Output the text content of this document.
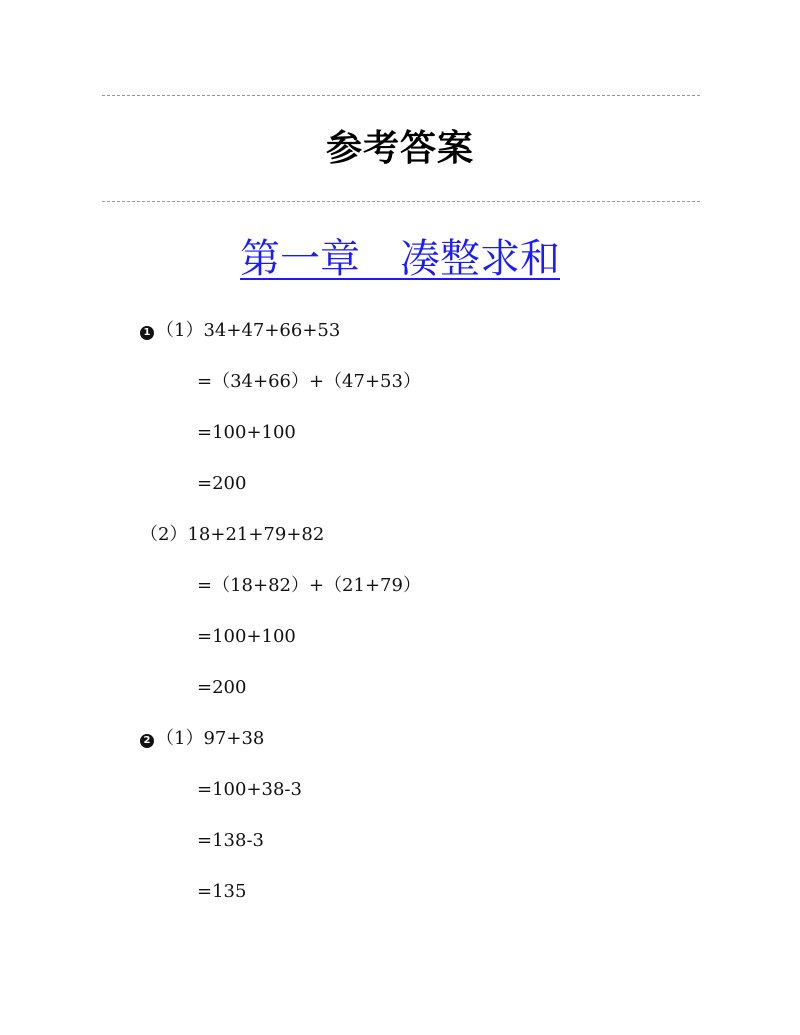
参考答案
第一章　凑整求和
1 （1）34+47+66+53
=（34+66）+（47+53）
=100+100
=200
（2）18+21+79+82
=（18+82）+（21+79）
=100+100
=200
2 （1）97+38
=100+38-3
=138-3
=135
